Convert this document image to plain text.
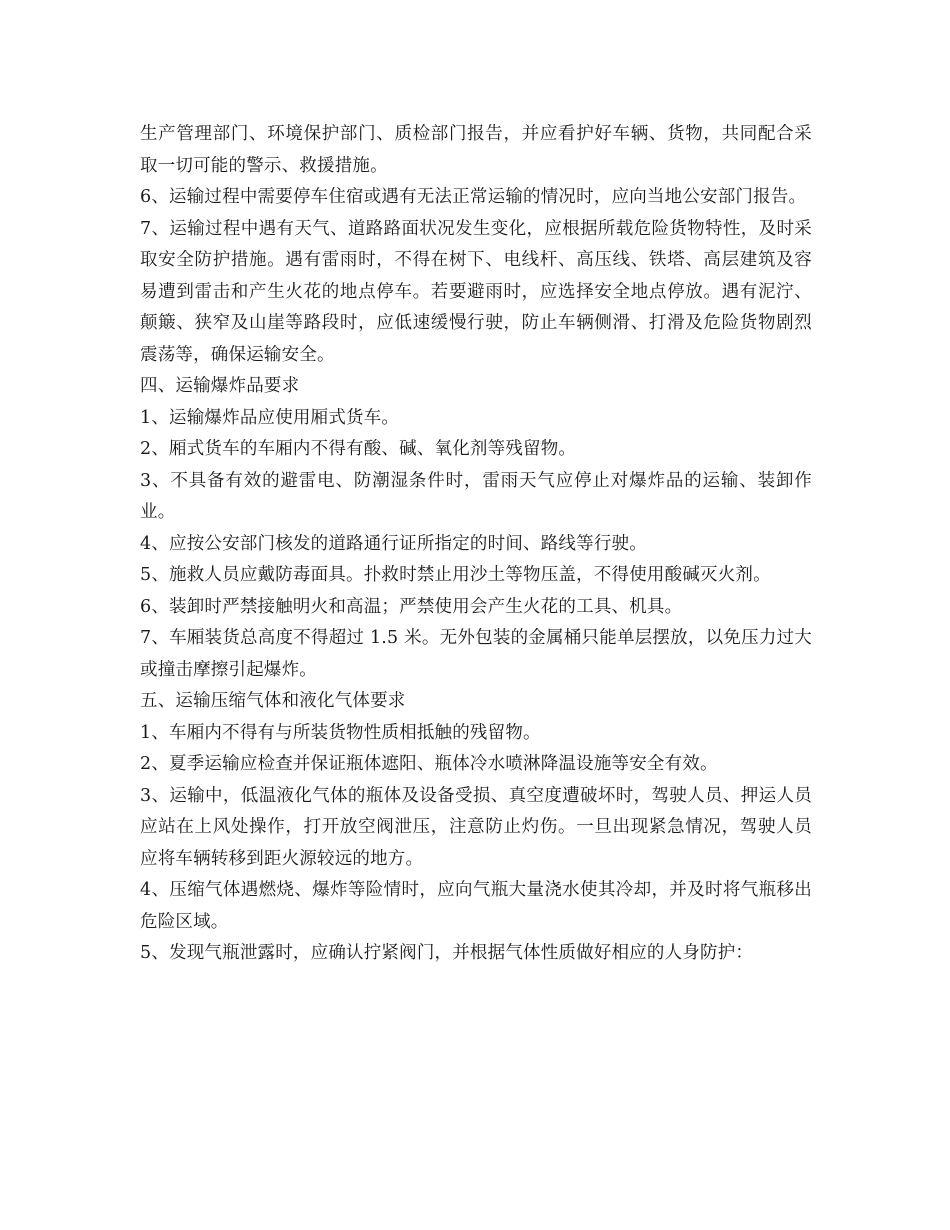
生产管理部门、环境保护部门、质检部门报告，并应看护好车辆、货物，共同配合采取一切可能的警示、救援措施。

6、运输过程中需要停车住宿或遇有无法正常运输的情况时，应向当地公安部门报告。

7、运输过程中遇有天气、道路路面状况发生变化，应根据所载危险货物特性，及时采取安全防护措施。遇有雷雨时，不得在树下、电线杆、高压线、铁塔、高层建筑及容易遭到雷击和产生火花的地点停车。若要避雨时，应选择安全地点停放。遇有泥泞、颠簸、狭窄及山崖等路段时，应低速缓慢行驶，防止车辆侧滑、打滑及危险货物剧烈震荡等，确保运输安全。

四、运输爆炸品要求

1、运输爆炸品应使用厢式货车。

2、厢式货车的车厢内不得有酸、碱、氧化剂等残留物。

3、不具备有效的避雷电、防潮湿条件时，雷雨天气应停止对爆炸品的运输、装卸作业。

4、应按公安部门核发的道路通行证所指定的时间、路线等行驶。

5、施救人员应戴防毒面具。扑救时禁止用沙土等物压盖，不得使用酸碱灭火剂。

6、装卸时严禁接触明火和高温；严禁使用会产生火花的工具、机具。

7、车厢装货总高度不得超过 1.5 米。无外包装的金属桶只能单层摆放，以免压力过大或撞击摩擦引起爆炸。

五、运输压缩气体和液化气体要求

1、车厢内不得有与所装货物性质相抵触的残留物。

2、夏季运输应检查并保证瓶体遮阳、瓶体冷水喷淋降温设施等安全有效。

3、运输中，低温液化气体的瓶体及设备受损、真空度遭破坏时，驾驶人员、押运人员应站在上风处操作，打开放空阀泄压，注意防止灼伤。一旦出现紧急情况，驾驶人员应将车辆转移到距火源较远的地方。

4、压缩气体遇燃烧、爆炸等险情时，应向气瓶大量浇水使其冷却，并及时将气瓶移出危险区域。

5、发现气瓶泄露时，应确认拧紧阀门，并根据气体性质做好相应的人身防护：
